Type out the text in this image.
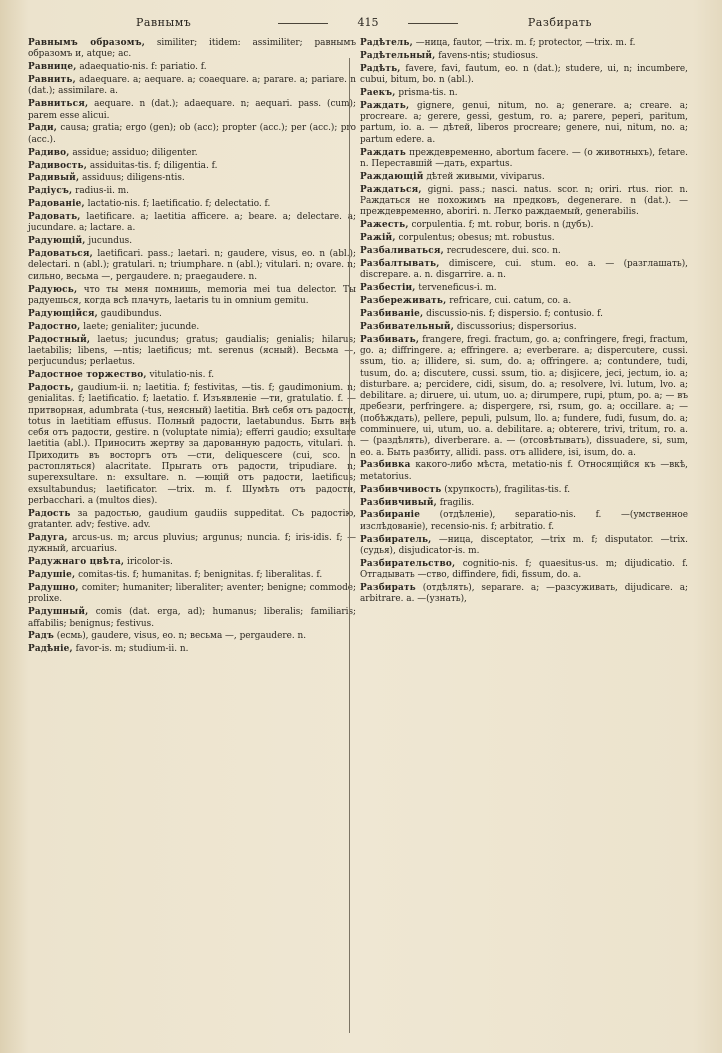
Равнымъ	415	Разбирать

Равнымъ образомъ, similiter; itidem: assimiliter; равнымъ образомъ и, atque; ac.

Равнице, adaequatio-nis. f: pariatio. f.

Равнить, adaequare. a; aequare. a; coaequare. a; parare. a; pariare. n (dat.); assimilare. a.

Равниться, aequare. n (dat.); adaequare. n; aequari. pass. (cum); parem esse alicui.

Ради, causa; gratia; ergo (gen); ob (acc); propter (acc.); per (acc.); pro (acc.).

Радиво, assidue; assiduo; diligenter.

Радивость, assiduitas-tis. f; diligentia. f.

Радивый, assiduus; diligens-ntis.

Радіусъ, radius-ii. m.

Радованіе, lactatio-nis. f; laetificatio. f; delectatio. f.

Радовать, laetificare. a; laetitia afficere. a; beare. a; delectare. a; jucundare. a; lactare. a.

Радующій, jucundus.

Радоваться, laetificari. pass.; laetari. n; gaudere, visus, eo. n (abl.); delectari. n (abl.); gratulari. n; triumphare. n (abl.); vitulari. n; ovare. n; сильно, весьма —, pergaudere. n; praegaudere. n.

Радуюсь, что ты меня помнишь, memoria mei tua delector. Ты радуешься, когда всѣ плачуть, laetaris tu in omnium gemitu.

Радующійся, gaudibundus.

Радостно, laete; genialiter; jucunde.

Радостный, laetus; jucundus; gratus; gaudialis; genialis; hilarus; laetabilis; libens, —ntis; laetificus; mt. serenus (ясный). Весьма —, perjucundus; perlaetus.

Радостное торжество, vitulatio-nis. f.

Радость, gaudium-ii. n; laetitia. f; festivitas, —tis. f; gaudimonium. n; genialitas. f; laetificatio. f; laetatio. f. Изъявленіе —ти, gratulatio. f. — притворная, adumbrata (-tus, неясный) laetitia. Внѣ себя отъ радости, totus in laetitiam effusus. Полный радости, laetabundus. Быть внѣ себя отъ радости, gestire. n (voluptate nimia); efferri gaudio; exsultare laetitia (abl.). Приносить жертву за дарованную радость, vitulari. n. Приходить въ восторгъ отъ —сти, deliquescere (cui, sco. n растопляться) alacritate. Прыгать отъ радости, tripudiare. n; superexsultare. n: exsultare. n. —ющій отъ радости, laetificus; exsultabundus; laetificator. —trix. m. f. Шумѣть отъ радости, perbacchari. a (multos dies).

Радость за радостью, gaudium gaudiis suppeditat. Съ радостію, gratanter. adv; festive. adv.

Радуга, arcus-us. m; arcus pluvius; argunus; nuncia. f; iris-idis. f; —дужный, arcuarius.

Радужнаго цвѣта, iricolor-is.

Радушіе, comitas-tis. f; humanitas. f; benignitas. f; liberalitas. f.

Радушно, comiter; humaniter; liberaliter; aventer; benigne; commode; prolixe.

Радушный, comis (dat. erga, ad); humanus; liberalis; familiaris; affabilis; benignus; festivus.

Радъ (есмь), gaudere, visus, eo. n; весьма —, pergaudere. n.

Радѣніе, favor-is. m; studium-ii. n.

Радѣтель, —ница, fautor, —trix. m. f; protector, —trix. m. f.

Радѣтельный, favens-ntis; studiosus.

Радѣть, favere, favi, fautum, eo. n (dat.); studere, ui, n; incumbere, cubui, bitum, bo. n (abl.).

Раекъ, prisma-tis. n.

Раждать, gignere, genui, nitum, no. a; generare. a; creare. a; procreare. a; gerere, gessi, gestum, ro. a; parere, peperi, paritum, partum, io. a. — дѣтей, liberos procreare; genere, nui, nitum, no. a; partum edere. a.

Раждать преждевременно, abortum facere. — (о животныхъ), fetare. n. Переставшій —дать, expartus.

Раждающій дѣтей живыми, viviparus.

Раждаться, gigni. pass.; nasci. natus. scor. n; oriri. rtus. rior. n. Раждаться не похожимъ на предковъ, degenerare. n (dat.). — преждевременно, aboriri. n. Легко раждаемый, generabilis.

Ражесть, corpulentia. f; mt. robur, boris. n (дубъ).

Ражій, corpulentus; obesus; mt. robustus.

Разбаливаться, recrudescere, dui. sco. n.

Разбалтывать, dimiscere, cui. stum. eo. a. — (разглашать), discrepare. a. n. disgarrire. a. n.

Разбестіи, terveneficus-i. m.

Разбереживать, refricare, cui. catum, co. a.

Разбиваніе, discussio-nis. f; dispersio. f; contusio. f.

Разбивательный, discussorius; dispersorius.

Разбивать, frangere, fregi. fractum, go. a; confringere, fregi, fractum, go. a; diffringere. a; effringere. a; everberare. a; dispercutere, cussi. ssum, tio. a; illidere, si. sum, do. a; offringere. a; contundere, tudi, tusum, do. a; discutere, cussi. ssum, tio. a; disjicere, jeci, jectum, io. a; disturbare. a; percidere, cidi, sisum, do. a; resolvere, lvi. lutum, lvo. a; debilitare. a; diruere, ui. utum, uo. a; dirumpere, rupi, ptum, po. a; — въ дребезги, perfringere. a; dispergere, rsi, rsum, go. a; occillare. a; — (побѣждать), pellere, pepuli, pulsum, llo. a; fundere, fudi, fusum, do. a; comminuere, ui, utum, uo. a. debilitare. a; obterere, trivi, tritum, ro. a. — (раздѣлять), diverberare. a. — (отсовѣтывать), dissuadere, si, sum, eo. a. Быть разбиту, allidi. pass. отъ allidere, isi, isum, do. a.

Разбивка какого-либо мѣста, metatio-nis f. Относящійся къ —вкѣ, metatorius.

Разбивчивость (хрупкость), fragilitas-tis. f.

Разбивчивый, fragilis.

Разбираніе (отдѣленіе), separatio-nis. f. —(умственное изслѣдованіе), recensio-nis. f; arbitratio. f.

Разбиратель, —ница, disceptator, —trix m. f; disputator. —trix. (судья), disjudicator-is. m.

Разбирательство, cognitio-nis. f; quaesitus-us. m; dijudicatio. f. Отгадывать —ство, diffindere, fidi, fissum, do. a.

Разбирать (отдѣлять), separare. a; —разсуживать, dijudicare. a; arbitrare. a. —(узнать),
